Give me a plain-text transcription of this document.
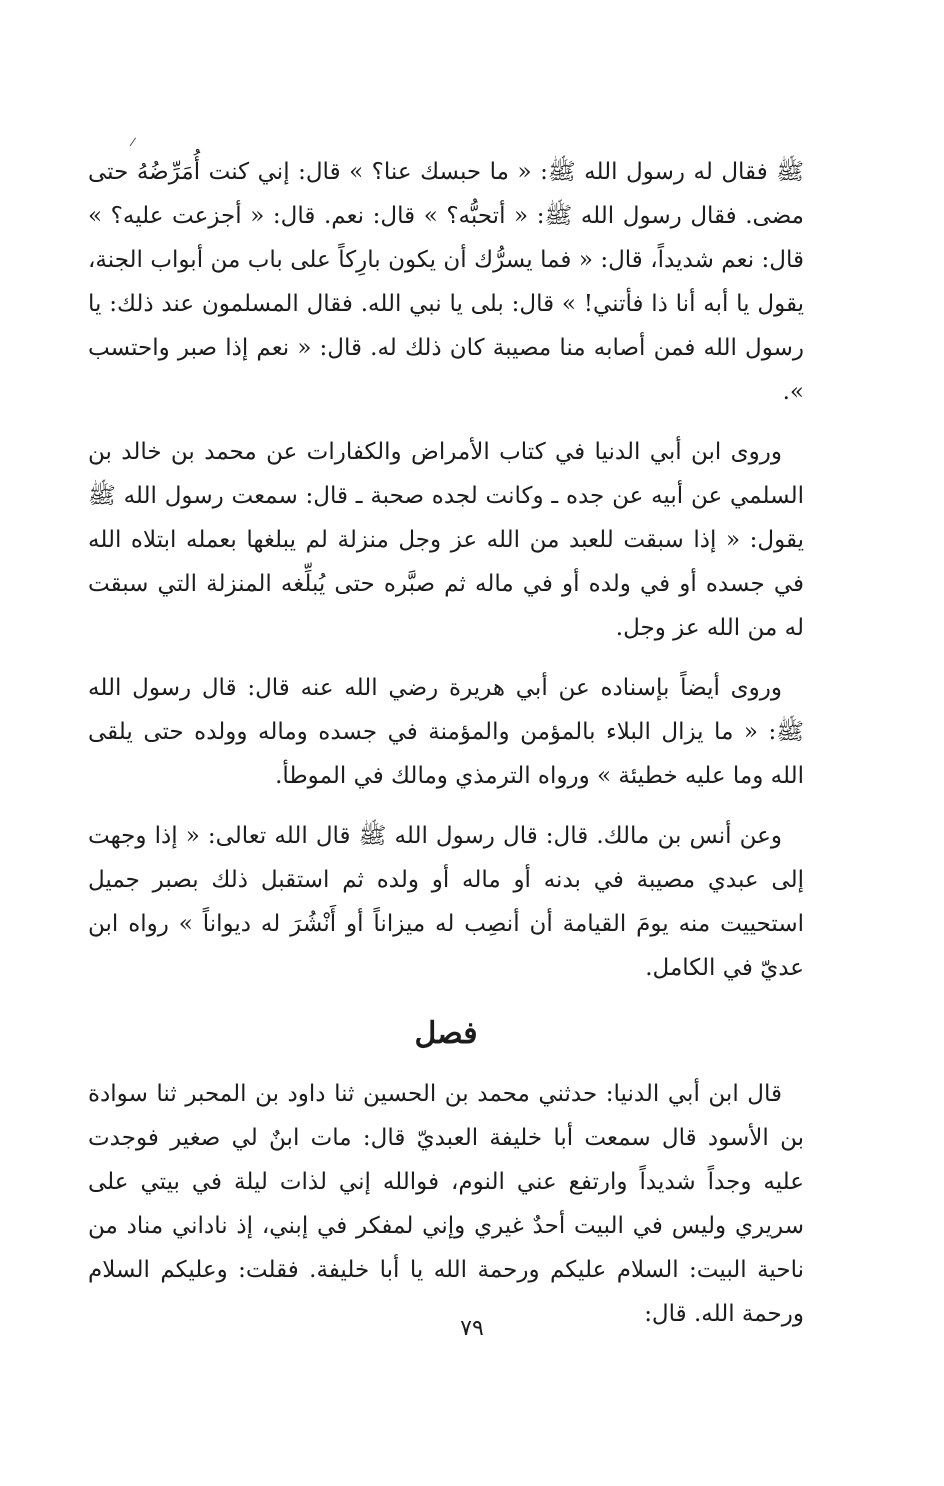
ﷺ فقال له رسول الله ﷺ: « ما حبسك عنا؟ » قال: إني كنت أُمَرِّضُهُ حتى مضى. فقال رسول الله ﷺ: « أتحبُّه؟ » قال: نعم. قال: « أجزعت عليه؟ » قال: نعم شديداً، قال: « فما يسرُّك أن يكون بارِكاً على باب من أبواب الجنة، يقول يا أبه أنا ذا فأتني! » قال: بلى يا نبي الله. فقال المسلمون عند ذلك: يا رسول الله فمن أصابه منا مصيبة كان ذلك له. قال: « نعم إذا صبر واحتسب ».

وروى ابن أبي الدنيا في كتاب الأمراض والكفارات عن محمد بن خالد بن السلمي عن أبيه عن جده ـ وكانت لجده صحبة ـ قال: سمعت رسول الله ﷺ يقول: « إذا سبقت للعبد من الله عز وجل منزلة لم يبلغها بعمله ابتلاه الله في جسده أو في ولده أو في ماله ثم صبَّره حتى يُبلِّغه المنزلة التي سبقت له من الله عز وجل.

وروى أيضاً بإسناده عن أبي هريرة رضي الله عنه قال: قال رسول الله ﷺ: « ما يزال البلاء بالمؤمن والمؤمنة في جسده وماله وولده حتى يلقى الله وما عليه خطيئة » ورواه الترمذي ومالك في الموطأ.

وعن أنس بن مالك. قال: قال رسول الله ﷺ قال الله تعالى: « إذا وجهت إلى عبدي مصيبة في بدنه أو ماله أو ولده ثم استقبل ذلك بصبر جميل استحييت منه يومَ القيامة أن أنصِب له ميزاناً أو أَنْشُرَ له ديواناً » رواه ابن عديّ في الكامل.

فصل

قال ابن أبي الدنيا: حدثني محمد بن الحسين ثنا داود بن المحبر ثنا سوادة بن الأسود قال سمعت أبا خليفة العبديّ قال: مات ابنٌ لي صغير فوجدت عليه وجداً شديداً وارتفع عني النوم، فوالله إني لذات ليلة في بيتي على سريري وليس في البيت أحدٌ غيري وإني لمفكر في إبني، إذ ناداني مناد من ناحية البيت: السلام عليكم ورحمة الله يا أبا خليفة. فقلت: وعليكم السلام ورحمة الله. قال:

٧٩
